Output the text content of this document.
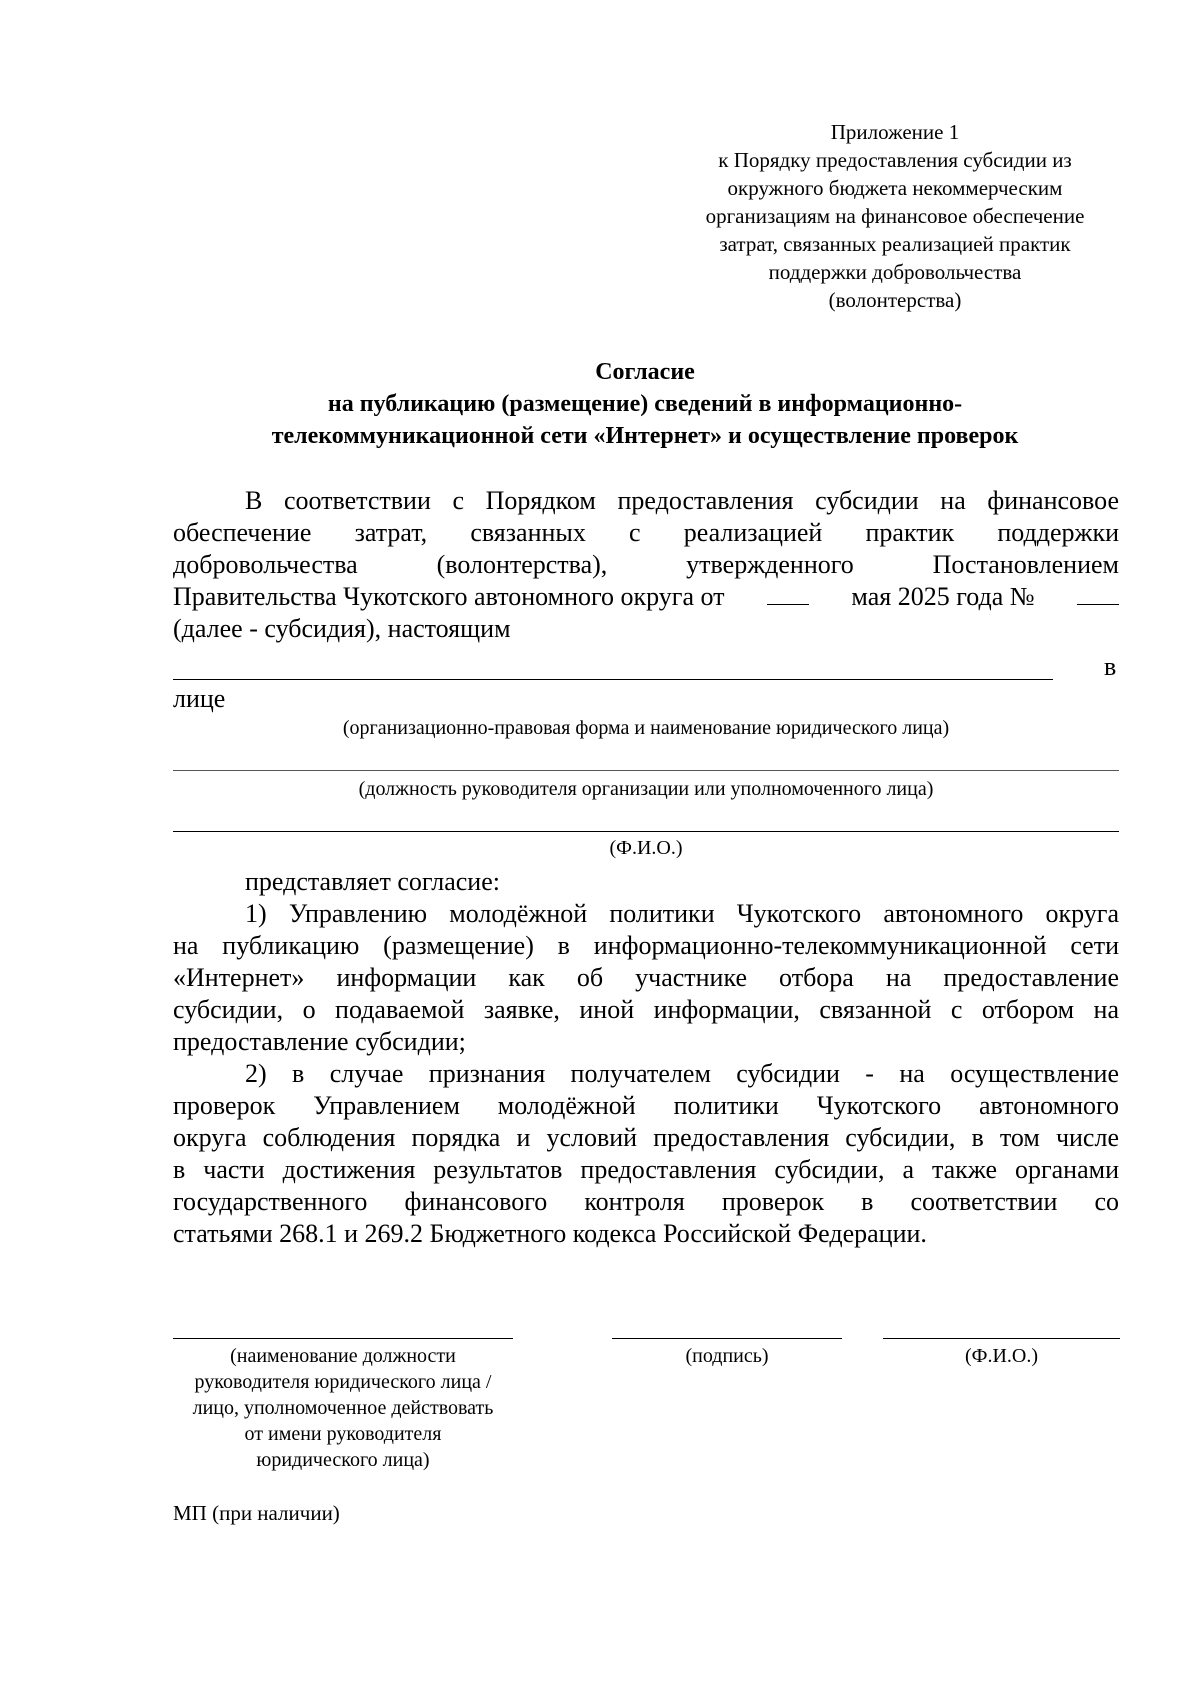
Приложение 1
к Порядку предоставления субсидии из
окружного бюджета некоммерческим
организациям на финансовое обеспечение
затрат, связанных реализацией практик
поддержки добровольчества
(волонтерства)
Согласие
на публикацию (размещение) сведений в информационно-
телекоммуникационной сети «Интернет» и осуществление проверок
В соответствии с Порядком предоставления субсидии на финансовое
обеспечение затрат, связанных с реализацией практик поддержки
добровольчества (волонтерства), утвержденного Постановлением
Правительства Чукотского автономного округа от	мая 2025 года №
(далее - субсидия), настоящим
в
лице
(организационно-правовая форма и наименование юридического лица)
(должность руководителя организации или уполномоченного лица)
(Ф.И.О.)
представляет согласие:
1) Управлению молодёжной политики Чукотского автономного округа
на публикацию (размещение) в информационно-телекоммуникационной сети
«Интернет» информации как об участнике отбора на предоставление
субсидии, о подаваемой заявке, иной информации, связанной с отбором на
предоставление субсидии;
2) в случае признания получателем субсидии - на осуществление
проверок Управлением молодёжной политики Чукотского автономного
округа соблюдения порядка и условий предоставления субсидии, в том числе
в части достижения результатов предоставления субсидии, а также органами
государственного финансового контроля проверок в соответствии со
статьями 268.1 и 269.2 Бюджетного кодекса Российской Федерации.
(наименование должности
руководителя юридического лица /
лицо, уполномоченное действовать
от имени руководителя
юридического лица)
(подпись)	(Ф.И.О.)
МП (при наличии)
